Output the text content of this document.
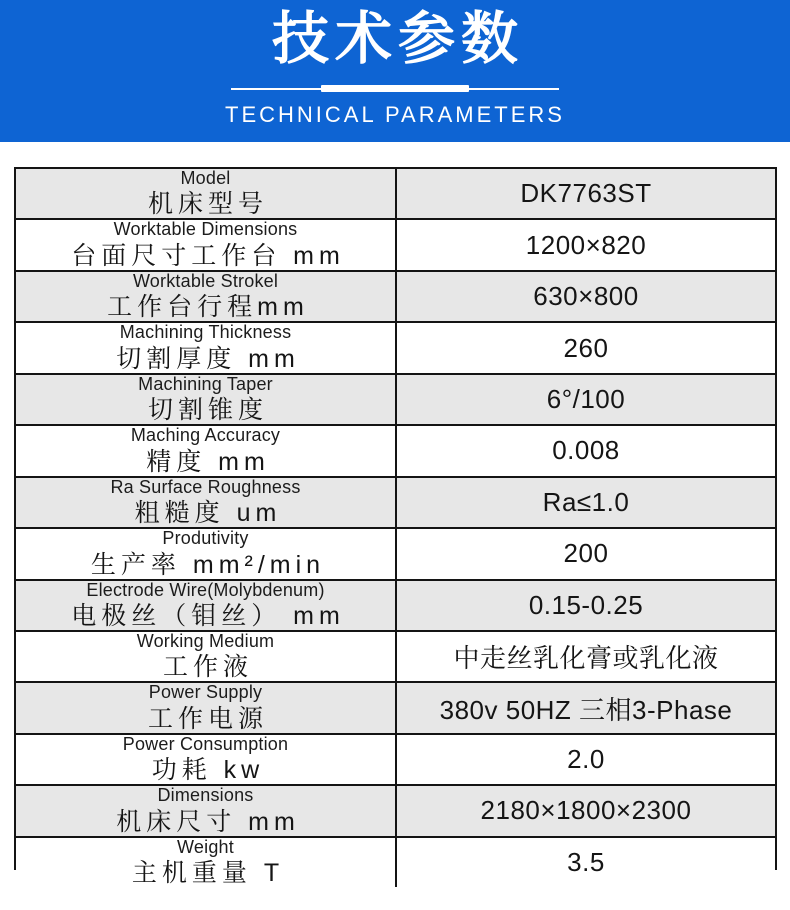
技术参数
TECHNICAL PARAMETERS
Model
机床型号	DK7763ST
Worktable Dimensions
台面尺寸工作台 mm	1200×820
Worktable Strokel
工作台行程mm	630×800
Machining Thickness
切割厚度 mm	260
Machining Taper
切割锥度	6°/100
Maching Accuracy
精度 mm	0.008
Ra Surface Roughness
粗糙度 um	Ra≤1.0
Produtivity
生产率 mm²/min	200
Electrode Wire(Molybdenum)
电极丝（钼丝） mm	0.15-0.25
Working Medium
工作液	中走丝乳化膏或乳化液
Power Supply
工作电源	380v 50HZ 三相3-Phase
Power Consumption
功耗 kw	2.0
Dimensions
机床尺寸 mm	2180×1800×2300
Weight
主机重量 T	3.5
